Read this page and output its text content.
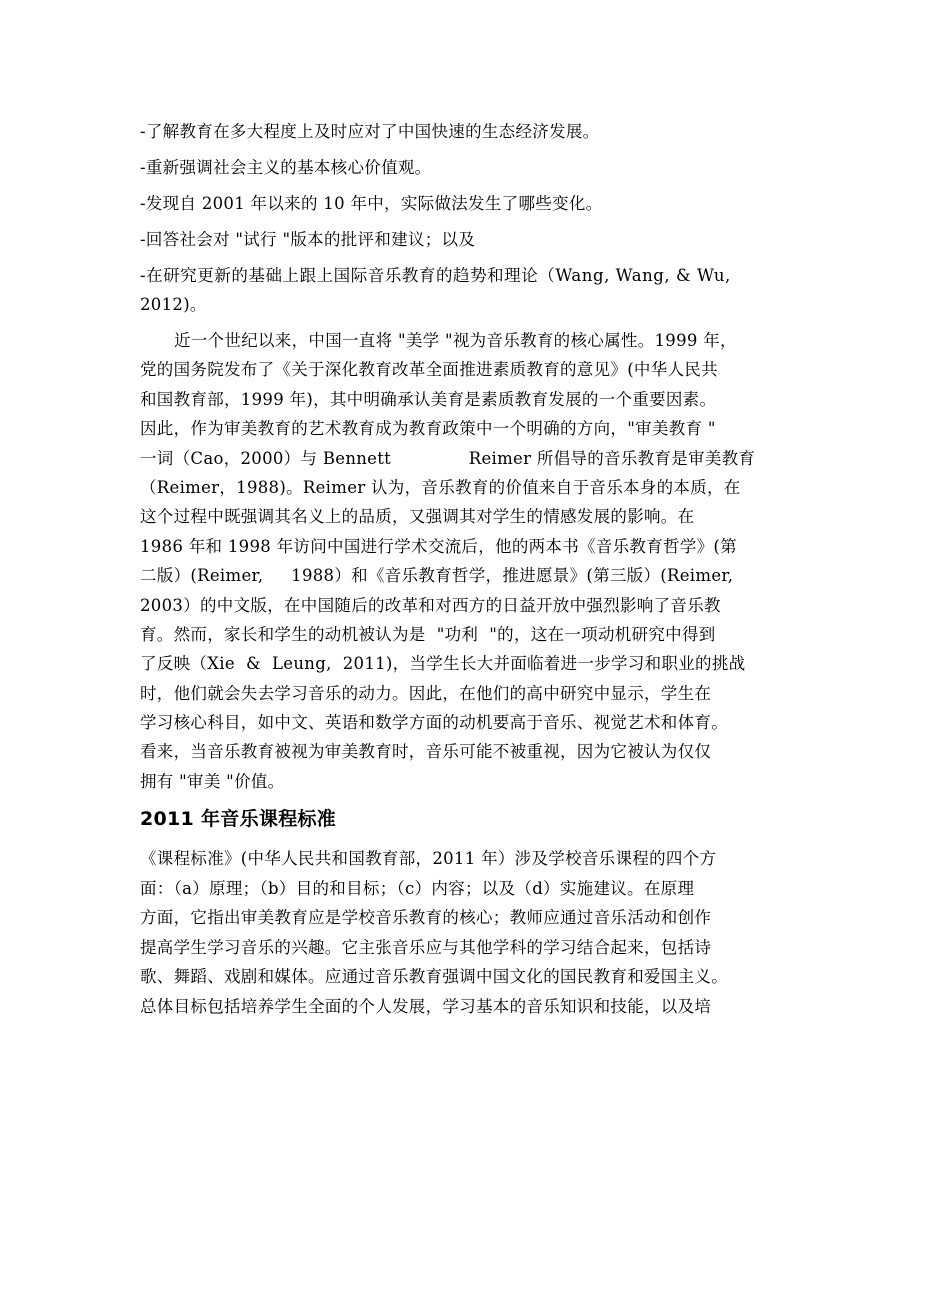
-了解教育在多大程度上及时应对了中国快速的生态经济发展。

-重新强调社会主义的基本核心价值观。

-发现自 2001 年以来的 10 年中，实际做法发生了哪些变化。

-回答社会对 "试行 "版本的批评和建议；以及

-在研究更新的基础上跟上国际音乐教育的趋势和理论（Wang, Wang, & Wu,

2012)。

近一个世纪以来，中国一直将 "美学 "视为音乐教育的核心属性。1999 年，

党的国务院发布了《关于深化教育改革全面推进素质教育的意见》(中华人民共

和国教育部，1999 年)，其中明确承认美育是素质教育发展的一个重要因素。

因此，作为审美教育的艺术教育成为教育政策中一个明确的方向，"审美教育 "

一词（Cao，2000）与 Bennett              Reimer 所倡导的音乐教育是审美教育

（Reimer，1988)。Reimer 认为，音乐教育的价值来自于音乐本身的本质，在

这个过程中既强调其名义上的品质，又强调其对学生的情感发展的影响。在

1986 年和 1998 年访问中国进行学术交流后，他的两本书《音乐教育哲学》(第

二版）(Reimer,     1988）和《音乐教育哲学，推进愿景》(第三版）(Reimer,

2003）的中文版，在中国随后的改革和对西方的日益开放中强烈影响了音乐教

育。然而，家长和学生的动机被认为是  "功利  "的，这在一项动机研究中得到

了反映（Xie  &  Leung,  2011)，当学生长大并面临着进一步学习和职业的挑战

时，他们就会失去学习音乐的动力。因此，在他们的高中研究中显示，学生在

学习核心科目，如中文、英语和数学方面的动机要高于音乐、视觉艺术和体育。

看来，当音乐教育被视为审美教育时，音乐可能不被重视，因为它被认为仅仅

拥有 "审美 "价值。

2011 年音乐课程标准

《课程标准》(中华人民共和国教育部，2011 年）涉及学校音乐课程的四个方

面：（a）原理；（b）目的和目标；（c）内容；以及（d）实施建议。在原理

方面，它指出审美教育应是学校音乐教育的核心；教师应通过音乐活动和创作

提高学生学习音乐的兴趣。它主张音乐应与其他学科的学习结合起来，包括诗

歌、舞蹈、戏剧和媒体。应通过音乐教育强调中国文化的国民教育和爱国主义。

总体目标包括培养学生全面的个人发展，学习基本的音乐知识和技能，以及培
